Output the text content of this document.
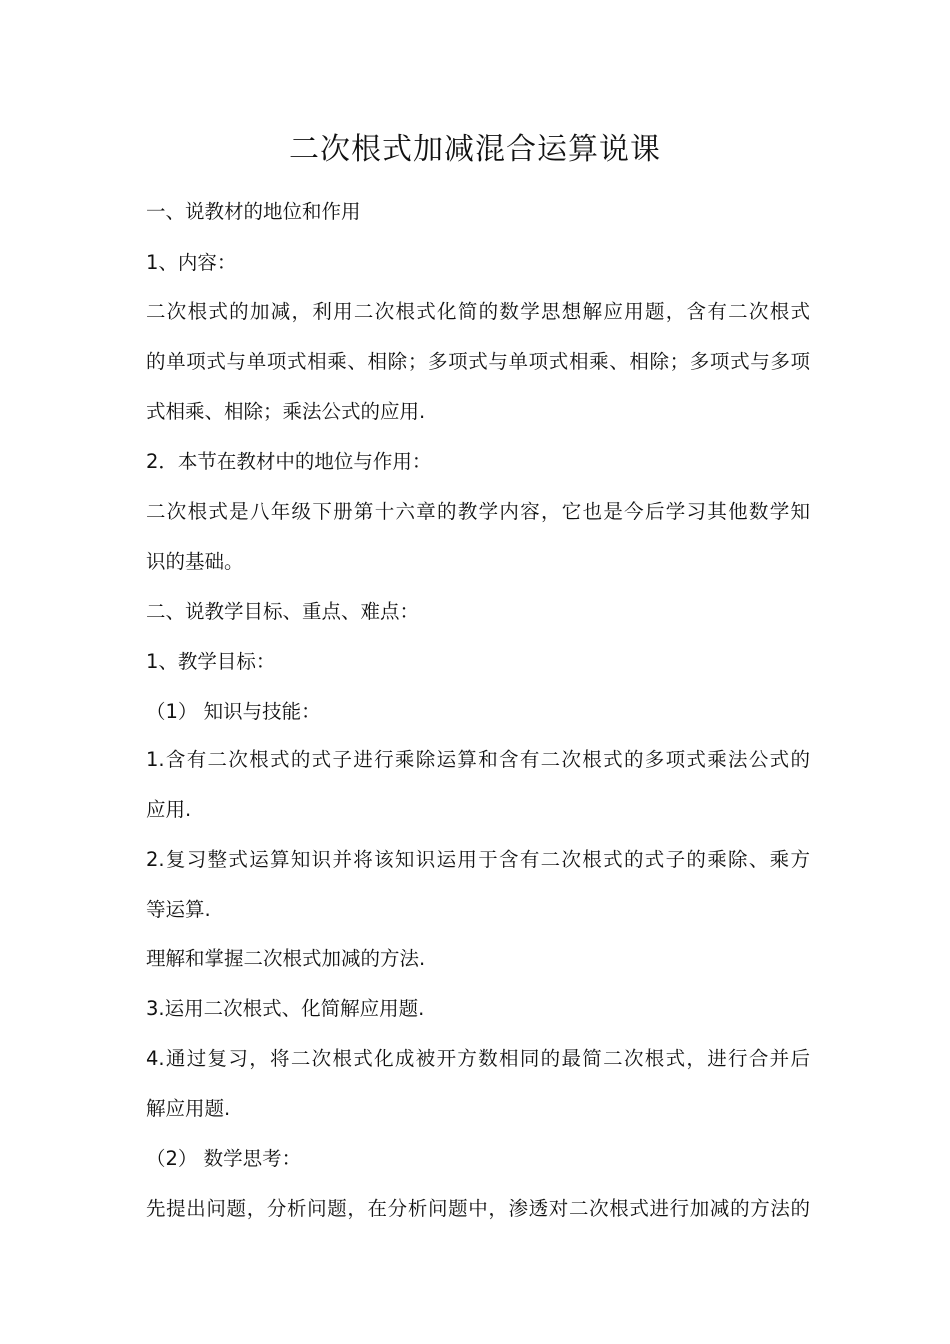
二次根式加减混合运算说课

一、说教材的地位和作用

1、内容：

二次根式的加减，利用二次根式化简的数学思想解应用题，含有二次根式

的单项式与单项式相乘、相除；多项式与单项式相乘、相除；多项式与多项

式相乘、相除；乘法公式的应用.

2．本节在教材中的地位与作用：

二次根式是八年级下册第十六章的教学内容，它也是今后学习其他数学知

识的基础。

二、说教学目标、重点、难点：

1、教学目标：

（1） 知识与技能：

1.含有二次根式的式子进行乘除运算和含有二次根式的多项式乘法公式的

应用.

2.复习整式运算知识并将该知识运用于含有二次根式的式子的乘除、乘方

等运算.

理解和掌握二次根式加减的方法.

3.运用二次根式、化简解应用题.

4.通过复习，将二次根式化成被开方数相同的最简二次根式，进行合并后

解应用题.

（2） 数学思考：

先提出问题，分析问题，在分析问题中，渗透对二次根式进行加减的方法的
